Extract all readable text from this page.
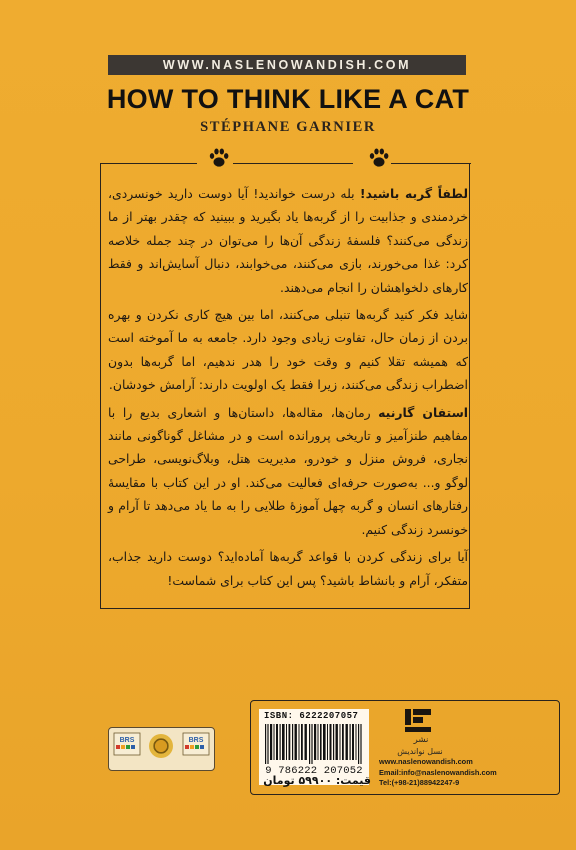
WWW.NASLENOWANDISH.COM
HOW TO THINK LIKE A CAT
STÉPHANE GARNIER

لطفاً گربه باشید! بله درست خواندید! آیا دوست دارید خونسردی، خردمندی و جذابیت را از گربه‌ها یاد بگیرید و ببینید که چقدر بهتر از ما زندگی می‌کنند؟ فلسفهٔ زندگی آن‌ها را می‌توان در چند جمله خلاصه کرد: غذا می‌خورند، بازی می‌کنند، می‌خوابند، دنبال آسایش‌اند و فقط کارهای دلخواهشان را انجام می‌دهند.

شاید فکر کنید گربه‌ها تنبلی می‌کنند، اما بین هیچ کاری نکردن و بهره بردن از زمان حال، تفاوت زیادی وجود دارد. جامعه به ما آموخته است که همیشه تقلا کنیم و وقت خود را هدر ندهیم، اما گربه‌ها بدون اضطراب زندگی می‌کنند، زیرا فقط یک اولویت دارند: آرامش خودشان.

استفان گارنیه رمان‌ها، مقاله‌ها، داستان‌ها و اشعاری بدیع را با مفاهیم طنزآمیز و تاریخی پرورانده است و در مشاغل گوناگونی مانند نجاری، فروش منزل و خودرو، مدیریت هتل، وبلاگ‌نویسی، طراحی لوگو و... به‌صورت حرفه‌ای فعالیت می‌کند. او در این کتاب با مقایسهٔ رفتارهای انسان و گربه چهل آموزهٔ طلایی را به ما یاد می‌دهد تا آرام و خونسرد زندگی کنیم.

آیا برای زندگی کردن با قواعد گربه‌ها آماده‌اید؟ دوست دارید جذاب، متفکر، آرام و بانشاط باشید؟ پس این کتاب برای شماست!

BRS	BRS
ISBN: 6222207057
9 786222 207052
قیمت: ۵۹۹۰۰ تومان
نشر
نسل نواندیش
www.naslenowandish.com
Email:info@naslenowandish.com
Tel:(+98-21)88942247-9
